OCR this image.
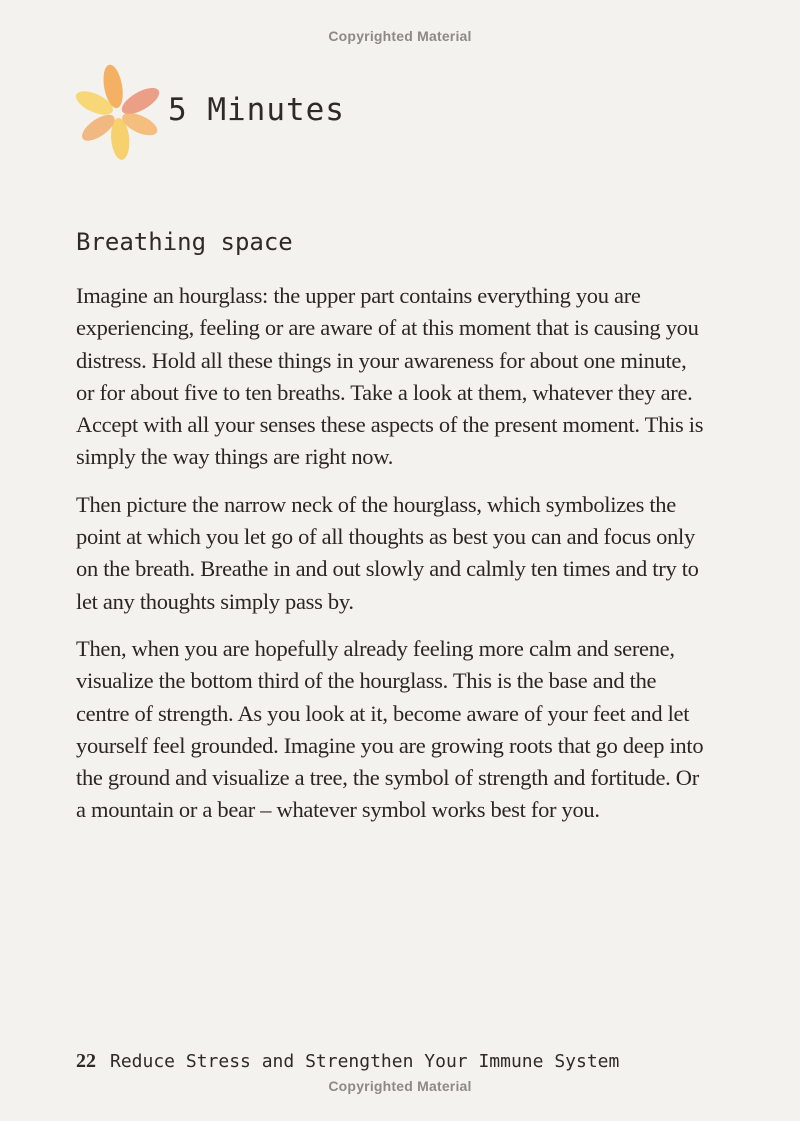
Copyrighted Material
5 Minutes
Breathing space

Imagine an hourglass: the upper part contains everything you are experiencing, feeling or are aware of at this moment that is causing you distress. Hold all these things in your awareness for about one minute, or for about five to ten breaths. Take a look at them, whatever they are. Accept with all your senses these aspects of the present moment. This is simply the way things are right now.

Then picture the narrow neck of the hourglass, which symbolizes the point at which you let go of all thoughts as best you can and focus only on the breath. Breathe in and out slowly and calmly ten times and try to let any thoughts simply pass by.

Then, when you are hopefully already feeling more calm and serene, visualize the bottom third of the hourglass. This is the base and the centre of strength. As you look at it, become aware of your feet and let yourself feel grounded. Imagine you are growing roots that go deep into the ground and visualize a tree, the symbol of strength and fortitude. Or a mountain or a bear – whatever symbol works best for you.

22 Reduce Stress and Strengthen Your Immune System
Copyrighted Material
